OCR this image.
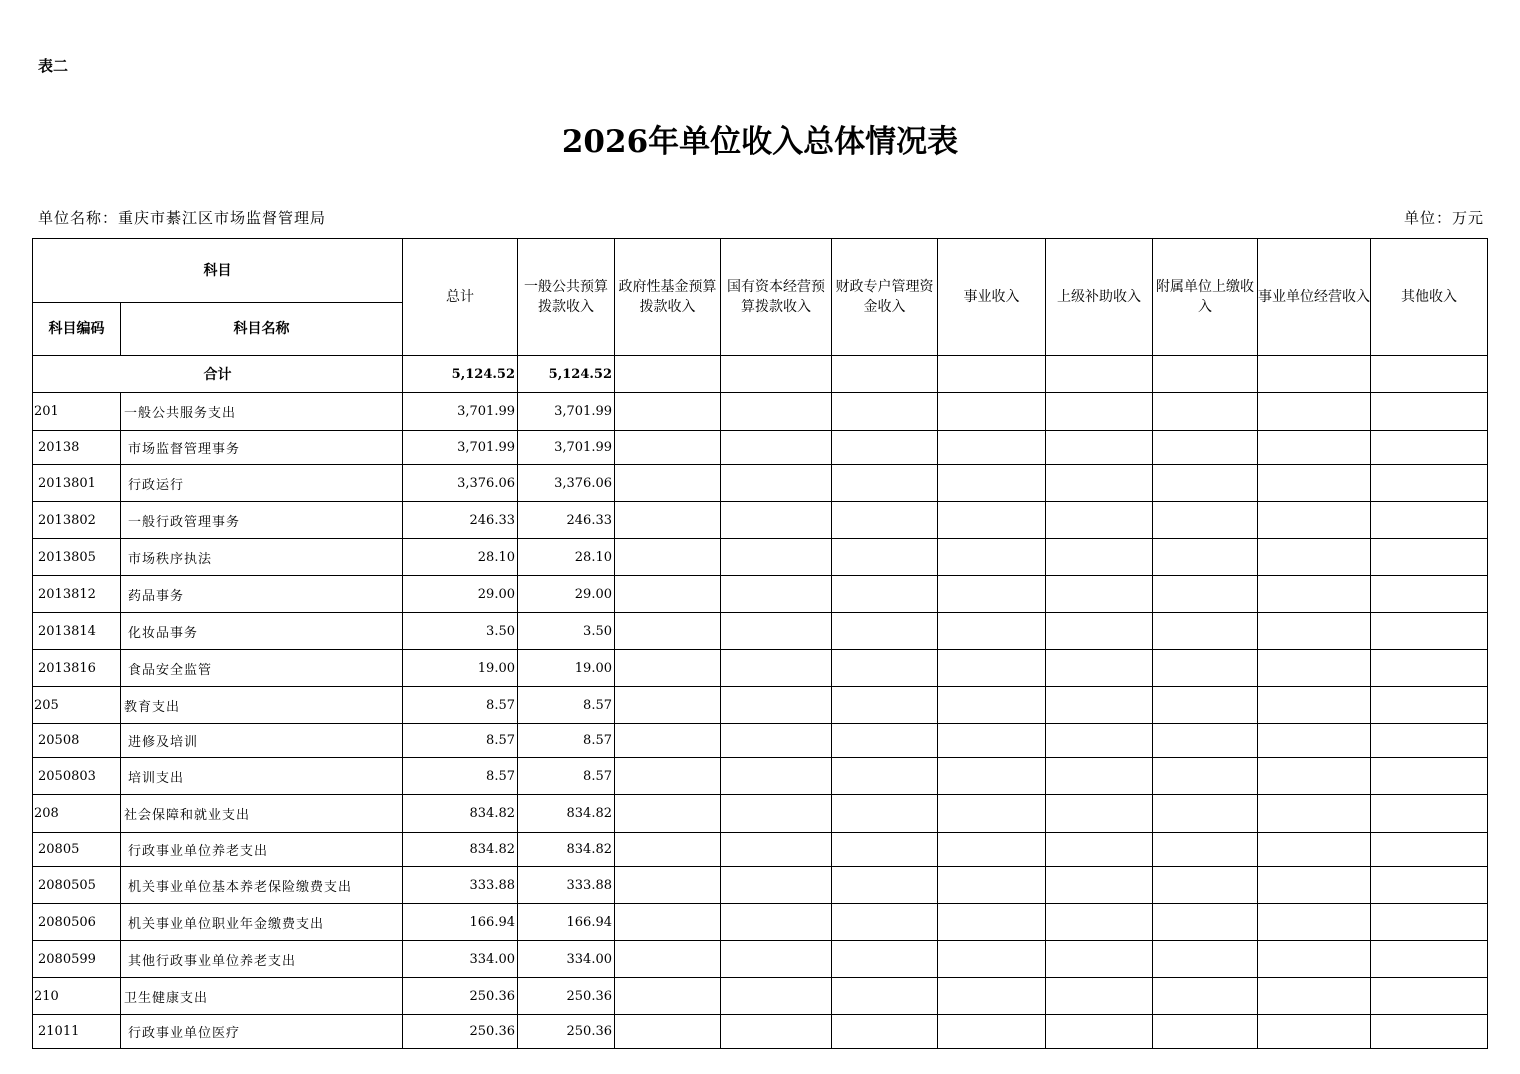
表二
2026年单位收入总体情况表
单位名称：重庆市綦江区市场监督管理局	单位：万元
科目		总计	一般公共预算拨款收入	政府性基金预算拨款收入	国有资本经营预算拨款收入	财政专户管理资金收入	事业收入	上级补助收入	附属单位上缴收入	事业单位经营收入	其他收入
科目编码	科目名称										
合计		5,124.52	5,124.52								
201	一般公共服务支出	3,701.99	3,701.99								
20138	市场监督管理事务	3,701.99	3,701.99								
2013801	行政运行	3,376.06	3,376.06								
2013802	一般行政管理事务	246.33	246.33								
2013805	市场秩序执法	28.10	28.10								
2013812	药品事务	29.00	29.00								
2013814	化妆品事务	3.50	3.50								
2013816	食品安全监管	19.00	19.00								
205	教育支出	8.57	8.57								
20508	进修及培训	8.57	8.57								
2050803	培训支出	8.57	8.57								
208	社会保障和就业支出	834.82	834.82								
20805	行政事业单位养老支出	834.82	834.82								
2080505	机关事业单位基本养老保险缴费支出	333.88	333.88								
2080506	机关事业单位职业年金缴费支出	166.94	166.94								
2080599	其他行政事业单位养老支出	334.00	334.00								
210	卫生健康支出	250.36	250.36								
21011	行政事业单位医疗	250.36	250.36								
